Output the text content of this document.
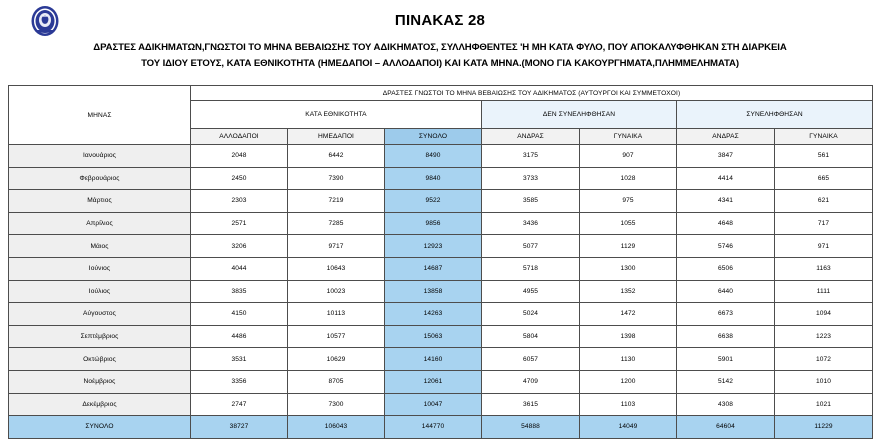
ΠΙΝΑΚΑΣ 28
ΔΡΑΣΤΕΣ ΑΔΙΚΗΜΑΤΩΝ,ΓΝΩΣΤΟΙ ΤΟ ΜΗΝΑ ΒΕΒΑΙΩΣΗΣ ΤΟΥ ΑΔΙΚΗΜΑΤΟΣ, ΣΥΛΛΗΦΘΕΝΤΕΣ 'Η ΜΗ ΚΑΤΑ ΦΥΛΟ, ΠΟΥ ΑΠΟΚΑΛΥΦΘΗΚΑΝ ΣΤΗ ΔΙΑΡΚΕΙΑ
ΤΟΥ ΙΔΙΟΥ ΕΤΟΥΣ, ΚΑΤΑ ΕΘΝΙΚΟΤΗΤΑ (ΗΜΕΔΑΠΟΙ – ΑΛΛΟΔΑΠΟΙ) ΚΑΙ ΚΑΤΑ ΜΗΝΑ.(ΜΟΝΟ ΓΙΑ ΚΑΚΟΥΡΓΗΜΑΤΑ,ΠΛΗΜΜΕΛΗΜΑΤΑ)
ΜΗΝΑΣ	ΔΡΑΣΤΕΣ ΓΝΩΣΤΟΙ ΤΟ ΜΗΝΑ ΒΕΒΑΙΩΣΗΣ ΤΟΥ ΑΔΙΚΗΜΑΤΟΣ (ΑΥΤΟΥΡΓΟΙ ΚΑΙ ΣΥΜΜΕΤΟΧΟΙ)						
	ΚΑΤΑ ΕΘΝΙΚΟΤΗΤΑ			ΔΕΝ ΣΥΝΕΛΗΦΘΗΣΑΝ		ΣΥΝΕΛΗΦΘΗΣΑΝ	
	ΑΛΛΟΔΑΠΟΙ	ΗΜΕΔΑΠΟΙ	ΣΥΝΟΛΟ	ΑΝΔΡΑΣ	ΓΥΝΑΙΚΑ	ΑΝΔΡΑΣ	ΓΥΝΑΙΚΑ
Ιανουάριος	2048	6442	8490	3175	907	3847	561
Φεβρουάριος	2450	7390	9840	3733	1028	4414	665
Μάρτιος	2303	7219	9522	3585	975	4341	621
Απρίλιος	2571	7285	9856	3436	1055	4648	717
Μάιος	3206	9717	12923	5077	1129	5746	971
Ιούνιος	4044	10643	14687	5718	1300	6506	1163
Ιούλιος	3835	10023	13858	4955	1352	6440	1111
Αύγουστος	4150	10113	14263	5024	1472	6673	1094
Σεπτέμβριος	4486	10577	15063	5804	1398	6638	1223
Οκτώβριος	3531	10629	14160	6057	1130	5901	1072
Νοέμβριος	3356	8705	12061	4709	1200	5142	1010
Δεκέμβριος	2747	7300	10047	3615	1103	4308	1021
ΣΥΝΟΛΟ	38727	106043	144770	54888	14049	64604	11229
